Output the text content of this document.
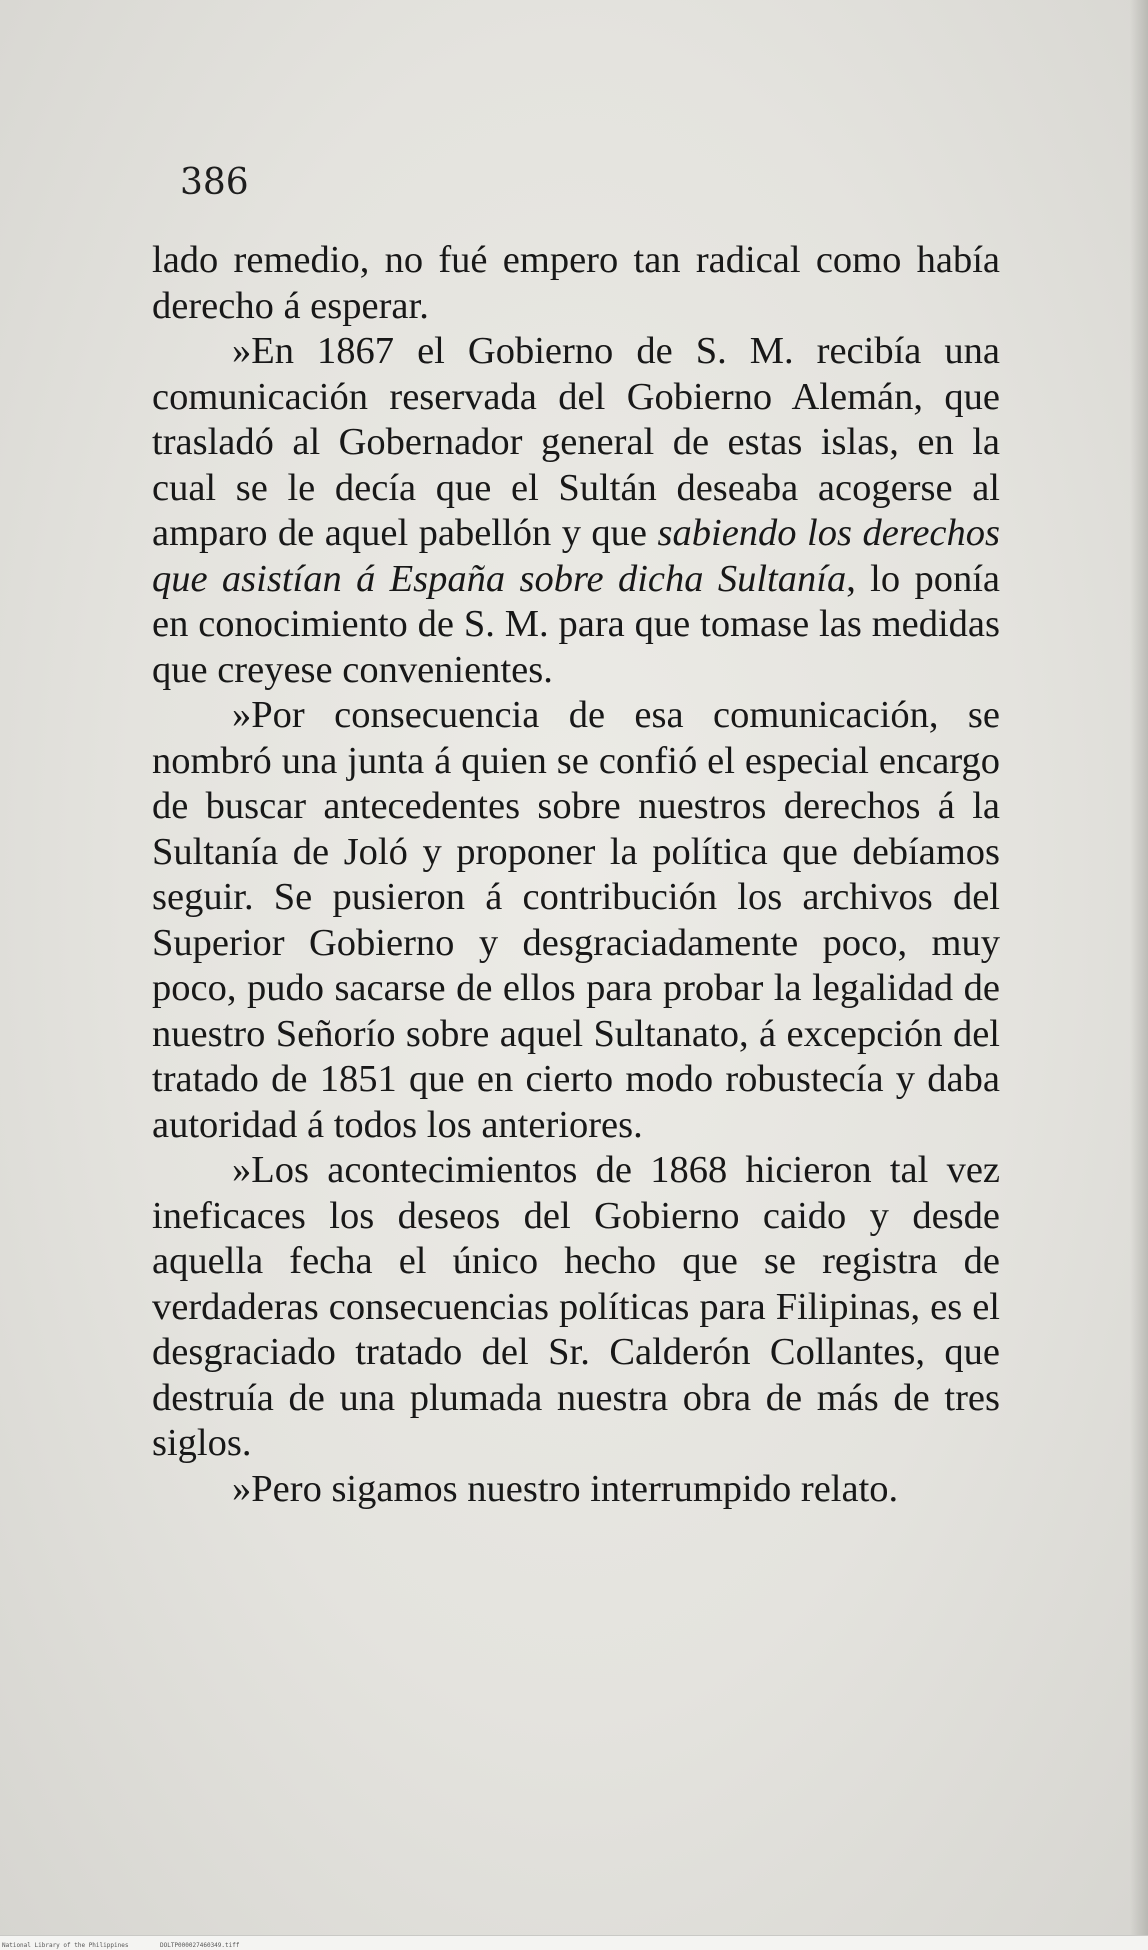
386

lado remedio, no fué empero tan radical como había derecho á esperar.

»En 1867 el Gobierno de S. M. recibía una comunicación reservada del Gobierno Alemán, que trasladó al Gobernador general de estas islas, en la cual se le decía que el Sultán deseaba acogerse al amparo de aquel pabellón y que sabiendo los derechos que asistían á España sobre dicha Sultanía, lo ponía en conocimiento de S. M. para que tomase las medidas que creyese convenientes.

»Por consecuencia de esa comunicación, se nombró una junta á quien se confió el especial encargo de buscar antecedentes sobre nuestros derechos á la Sultanía de Joló y proponer la política que debíamos seguir. Se pusieron á contribución los archivos del Superior Gobierno y desgraciadamente poco, muy poco, pudo sacarse de ellos para probar la legalidad de nuestro Señorío sobre aquel Sultanato, á excepción del tratado de 1851 que en cierto modo robustecía y daba autoridad á todos los anteriores.

»Los acontecimientos de 1868 hicieron tal vez ineficaces los deseos del Gobierno caido y desde aquella fecha el único hecho que se registra de verdaderas consecuencias políticas para Filipinas, es el desgraciado tratado del Sr. Calderón Collantes, que destruía de una plumada nuestra obra de más de tres siglos.

»Pero sigamos nuestro interrumpido relato.

National Library of the Philippines	DOLTP000027460349.tiff
